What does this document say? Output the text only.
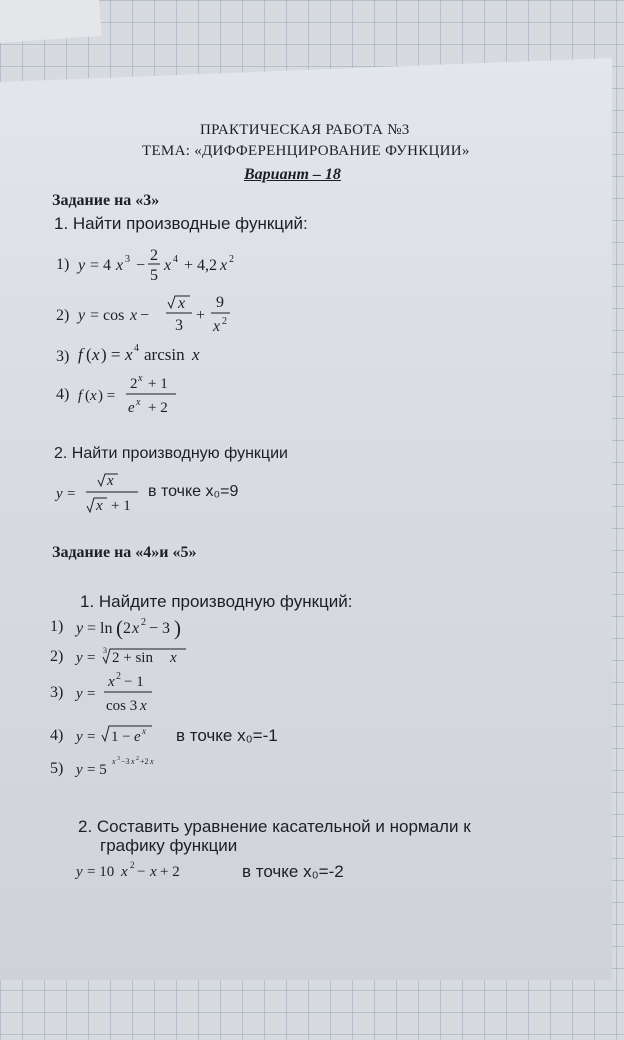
ПРАКТИЧЕСКАЯ РАБОТА №3
ТЕМА: «ДИФФЕРЕНЦИРОВАНИЕ ФУНКЦИИ»
Вариант – 18
Задание на «3»
1. Найти производные функций:
1) y = 4 x 3 −
2
5
x 4 + 4,2 x 2
2) y = cos x −
x
3
+
9
x 2
3) f ( x ) = x 4 arcsin x
4) f ( x ) =
2 x + 1
e x + 2
2. Найти производную функции
y =
x
x + 1
в точке x₀=9
Задание на «4»и «5»
1. Найдите производную функций:
1) y = ln ( 2 x 2 − 3 )
2) y = 3 2 + sin x
3) y =
x 2 − 1
cos 3 x
4) y = 1 − e x в точке x₀=-1
5) y = 5
x 3 −3 x 2 +2 x
2. Составить уравнение касательной и нормали к
графику функции
y = 10 x 2 − x + 2	в точке x₀=-2
